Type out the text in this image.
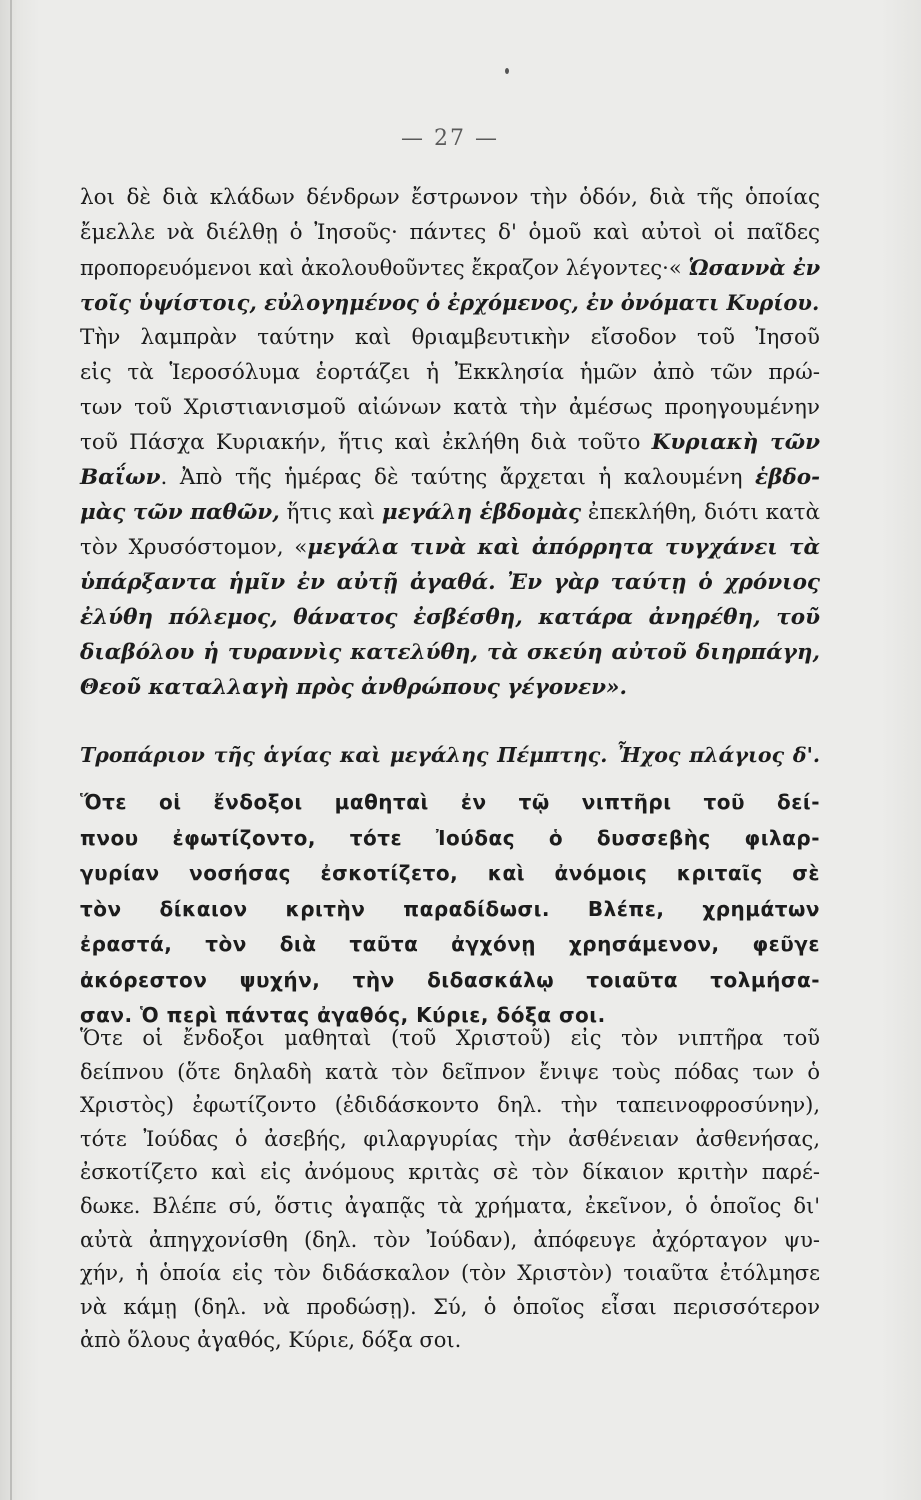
— 27 —
λοι δὲ διὰ κλάδων δένδρων ἔστρωνον τὴν ὁδόν, διὰ τῆς ὁποίας
ἔμελλε νὰ διέλθῃ ὁ Ἰησοῦς· πάντες δ' ὁμοῦ καὶ αὐτοὶ οἱ παῖδες
προπορευόμενοι καὶ ἀκολουθοῦντες ἔκραζον λέγοντες·« Ὡσαννὰ ἐν
τοῖς ὑψίστοις, εὐλογημένος ὁ ἐρχόμενος, ἐν ὀνόματι Κυρίου.
Τὴν λαμπρὰν ταύτην καὶ θριαμβευτικὴν εἴσοδον τοῦ Ἰησοῦ
εἰς τὰ Ἱεροσόλυμα ἑορτάζει ἡ Ἐκκλησία ἡμῶν ἀπὸ τῶν πρώ-
των τοῦ Χριστιανισμοῦ αἰώνων κατὰ τὴν ἀμέσως προηγουμένην
τοῦ Πάσχα Κυριακήν, ἥτις καὶ ἐκλήθη διὰ τοῦτο Κυριακὴ τῶν
Βαΐων. Ἀπὸ τῆς ἡμέρας δὲ ταύτης ἄρχεται ἡ καλουμένη ἑβδο-
μὰς τῶν παθῶν, ἥτις καὶ μεγάλη ἑβδομὰς ἐπεκλήθη, διότι κατὰ
τὸν Χρυσόστομον, «μεγάλα τινὰ καὶ ἀπόρρητα τυγχάνει τὰ
ὑπάρξαντα ἡμῖν ἐν αὐτῇ ἀγαθά. Ἐν γὰρ ταύτῃ ὁ χρόνιος
ἐλύθη πόλεμος, θάνατος ἐσβέσθη, κατάρα ἀνηρέθη, τοῦ
διαβόλου ἡ τυραννὶς κατελύθη, τὰ σκεύη αὐτοῦ διηρπάγη,
Θεοῦ καταλλαγὴ πρὸς ἀνθρώπους γέγονεν».
Τροπάριον τῆς ἁγίας καὶ μεγάλης Πέμπτης. Ἦχος πλάγιος δ'.
Ὅτε οἱ ἔνδοξοι μαθηταὶ ἐν τῷ νιπτῆρι τοῦ δεί-
πνου ἐφωτίζοντο, τότε Ἰούδας ὁ δυσσεβὴς φιλαρ-
γυρίαν νοσήσας ἐσκοτίζετο, καὶ ἀνόμοις κριταῖς σὲ
τὸν δίκαιον κριτὴν παραδίδωσι. Βλέπε, χρημάτων
ἐραστά, τὸν διὰ ταῦτα ἀγχόνῃ χρησάμενον, φεῦγε
ἀκόρεστον ψυχήν, τὴν διδασκάλῳ τοιαῦτα τολμήσα-
σαν. Ὁ περὶ πάντας ἀγαθός, Κύριε, δόξα σοι.
Ὅτε οἱ ἔνδοξοι μαθηταὶ (τοῦ Χριστοῦ) εἰς τὸν νιπτῆρα τοῦ
δείπνου (ὅτε δηλαδὴ κατὰ τὸν δεῖπνον ἔνιψε τοὺς πόδας των ὁ
Χριστὸς) ἐφωτίζοντο (ἐδιδάσκοντο δηλ. τὴν ταπεινοφροσύνην),
τότε Ἰούδας ὁ ἀσεβής, φιλαργυρίας τὴν ἀσθένειαν ἀσθενήσας,
ἐσκοτίζετο καὶ εἰς ἀνόμους κριτὰς σὲ τὸν δίκαιον κριτὴν παρέ-
δωκε. Βλέπε σύ, ὅστις ἀγαπᾷς τὰ χρήματα, ἐκεῖνον, ὁ ὁποῖος δι'
αὐτὰ ἀπηγχονίσθη (δηλ. τὸν Ἰούδαν), ἀπόφευγε ἀχόρταγον ψυ-
χήν, ἡ ὁποία εἰς τὸν διδάσκαλον (τὸν Χριστὸν) τοιαῦτα ἐτόλμησε
νὰ κάμῃ (δηλ. νὰ προδώσῃ). Σύ, ὁ ὁποῖος εἶσαι περισσότερον
ἀπὸ ὅλους ἀγαθός, Κύριε, δόξα σοι.
